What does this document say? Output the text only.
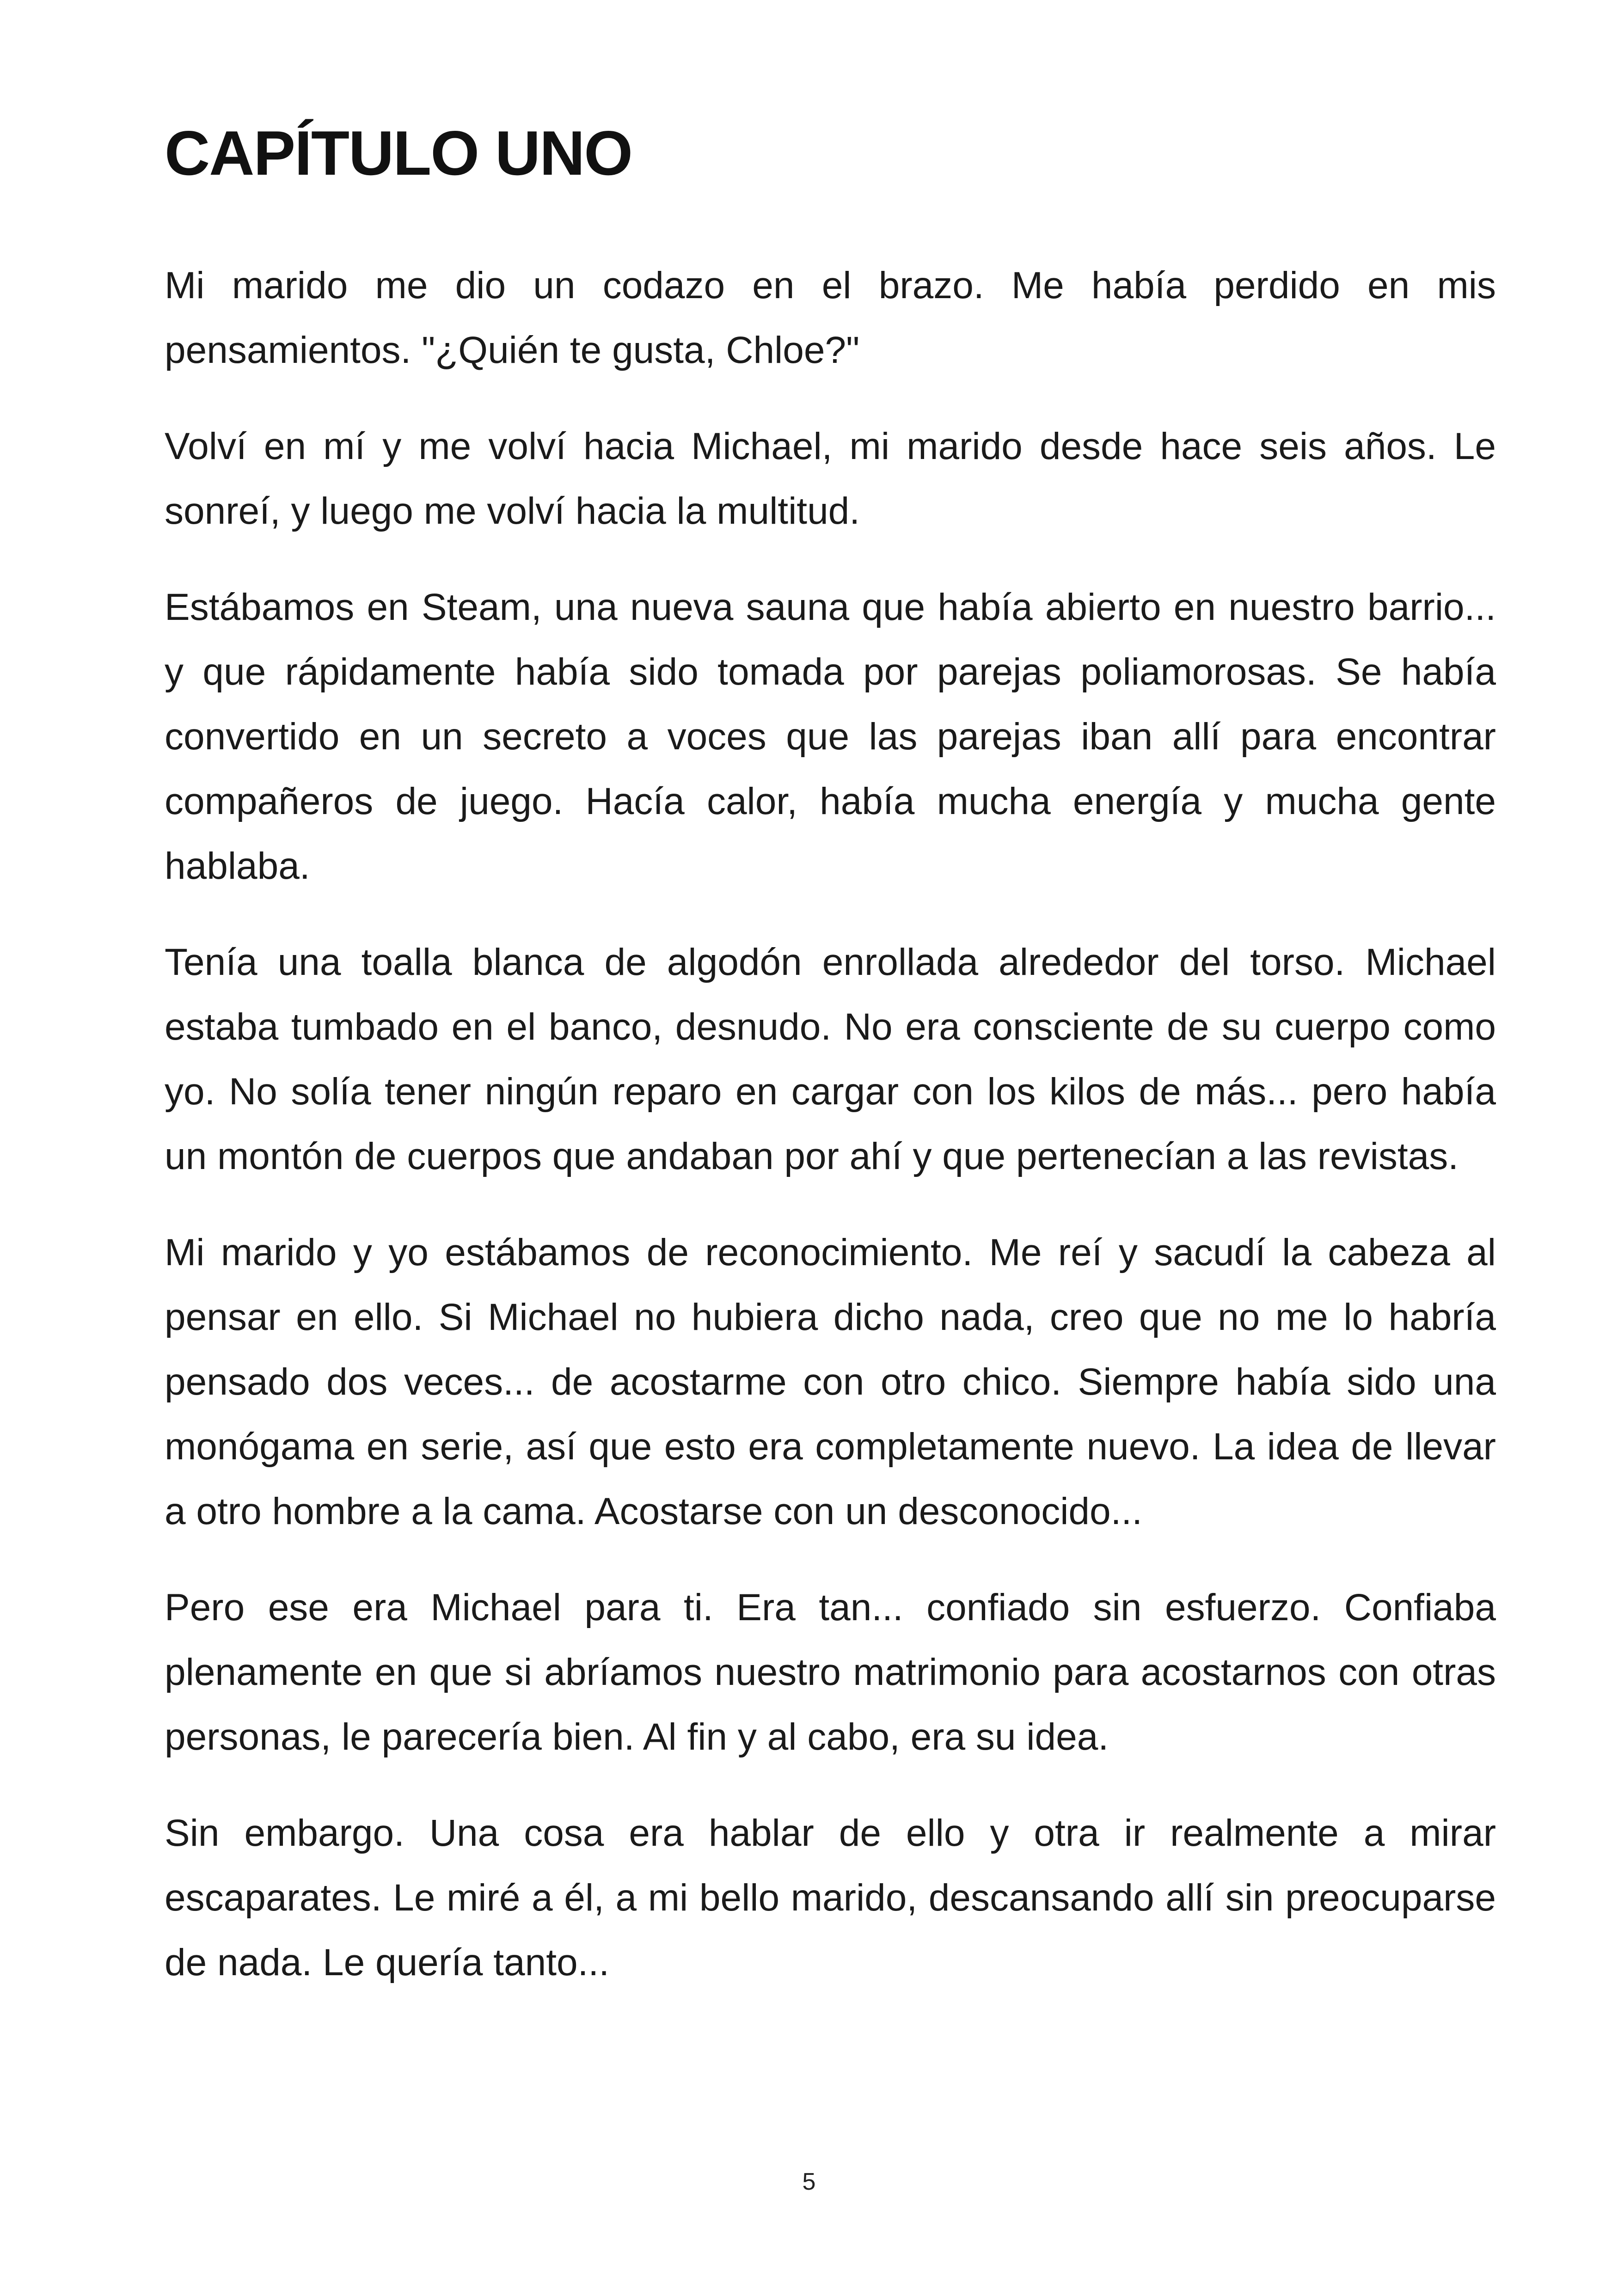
CAPÍTULO UNO

Mi marido me dio un codazo en el brazo. Me había perdido en mis pensamientos. "¿Quién te gusta, Chloe?"

Volví en mí y me volví hacia Michael, mi marido desde hace seis años. Le sonreí, y luego me volví hacia la multitud.

Estábamos en Steam, una nueva sauna que había abierto en nuestro barrio... y que rápidamente había sido tomada por parejas poliamorosas. Se había convertido en un secreto a voces que las parejas iban allí para encontrar compañeros de juego. Hacía calor, había mucha energía y mucha gente hablaba.

Tenía una toalla blanca de algodón enrollada alrededor del torso. Michael estaba tumbado en el banco, desnudo. No era consciente de su cuerpo como yo. No solía tener ningún reparo en cargar con los kilos de más... pero había un montón de cuerpos que andaban por ahí y que pertenecían a las revistas.

Mi marido y yo estábamos de reconocimiento. Me reí y sacudí la cabeza al pensar en ello. Si Michael no hubiera dicho nada, creo que no me lo habría pensado dos veces... de acostarme con otro chico. Siempre había sido una monógama en serie, así que esto era completamente nuevo. La idea de llevar a otro hombre a la cama. Acostarse con un desconocido...

Pero ese era Michael para ti. Era tan... confiado sin esfuerzo. Confiaba plenamente en que si abríamos nuestro matrimonio para acostarnos con otras personas, le parecería bien. Al fin y al cabo, era su idea.

Sin embargo. Una cosa era hablar de ello y otra ir realmente a mirar escaparates. Le miré a él, a mi bello marido, descansando allí sin preocuparse de nada. Le quería tanto...

5
